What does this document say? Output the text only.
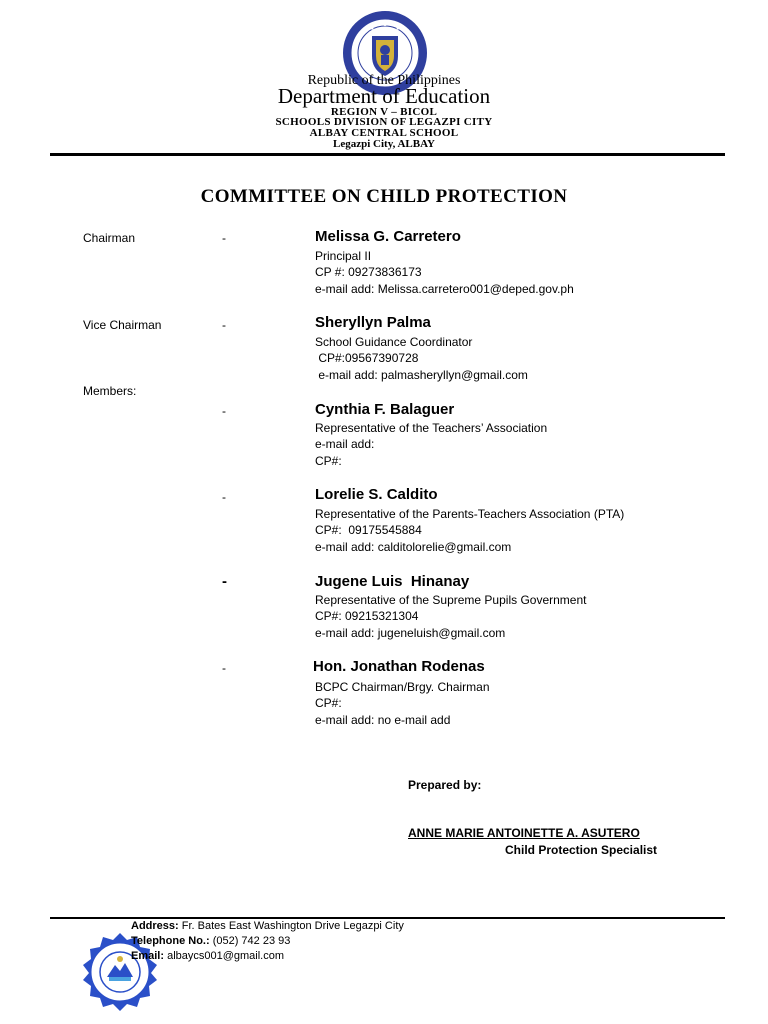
Republic of the Philippines
Department of Education
REGION V – BICOL
SCHOOLS DIVISION OF LEGAZPI CITY
ALBAY CENTRAL SCHOOL
Legazpi City, ALBAY
COMMITTEE ON CHILD PROTECTION
Chairman	-	Melissa G. Carretero
Principal II
CP #: 09273836173
e-mail add: Melissa.carretero001@deped.gov.ph
Vice Chairman	-	Sheryllyn Palma
School Guidance Coordinator
CP#:09567390728
e-mail add: palmasheryllyn@gmail.com
Members:
-	Cynthia F. Balaguer
Representative of the Teachers’ Association
e-mail add:
CP#:
-	Lorelie S. Caldito
Representative of the Parents-Teachers Association (PTA)
CP#:  09175545884
e-mail add: calditolorelie@gmail.com
-	Jugene Luis  Hinanay
Representative of the Supreme Pupils Government
CP#: 09215321304
e-mail add: jugeneluish@gmail.com
-	Hon. Jonathan Rodenas
BCPC Chairman/Brgy. Chairman
CP#:
e-mail add: no e-mail add
Prepared by:
ANNE MARIE ANTOINETTE A. ASUTERO
Child Protection Specialist
Address: Fr. Bates East Washington Drive Legazpi City
Telephone No.: (052) 742 23 93
Email: albaycs001@gmail.com
